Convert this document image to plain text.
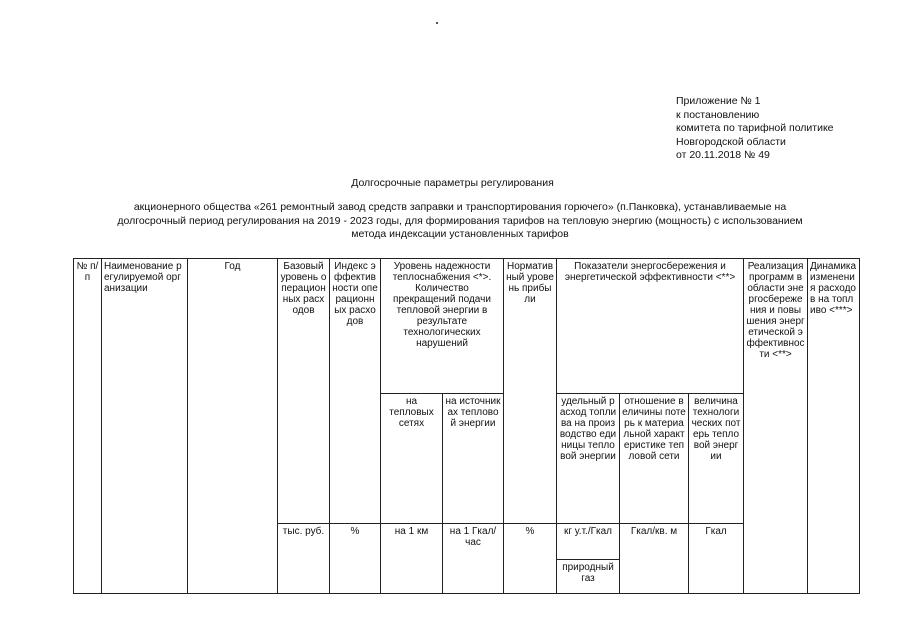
Приложение № 1
к постановлению
комитета по тарифной политике
Новгородской области
от 20.11.2018 № 49
Долгосрочные параметры регулирования
акционерного общества «261 ремонтный завод средств заправки и транспортирования горючего» (п.Панковка), устанавливаемые на
долгосрочный период регулирования на 2019 - 2023 годы, для формирования тарифов на тепловую энергию (мощность) с использованием
метода индексации установленных тарифов
№ п/п	Наименование регулируемой организации	Год	Базовый уровень операционных расходов	Индекс эффективности операционных расходов	Уровень надежности теплоснабжения <*>. Количество прекращений подачи тепловой энергии в результате технологических нарушений		Нормативный уровень прибыли	Показатели энергосбережения и энергетической эффективности <**>			Реализация программ в области энергосбережения и повышения энергетической эффективности <**>	Динамика изменения расходов на топливо <***>
					на тепловых сетях	на источниках тепловой энергии		удельный расход топлива на производство единицы тепловой энергии	отношение величины потерь к материальной характеристике тепловой сети	величина технологических потерь тепловой энергии		
			тыс. руб.	%	на 1 км	на 1 Гкал/час	%	кг у.т./Гкал	Гкал/кв. м	Гкал		
								природный газ				
